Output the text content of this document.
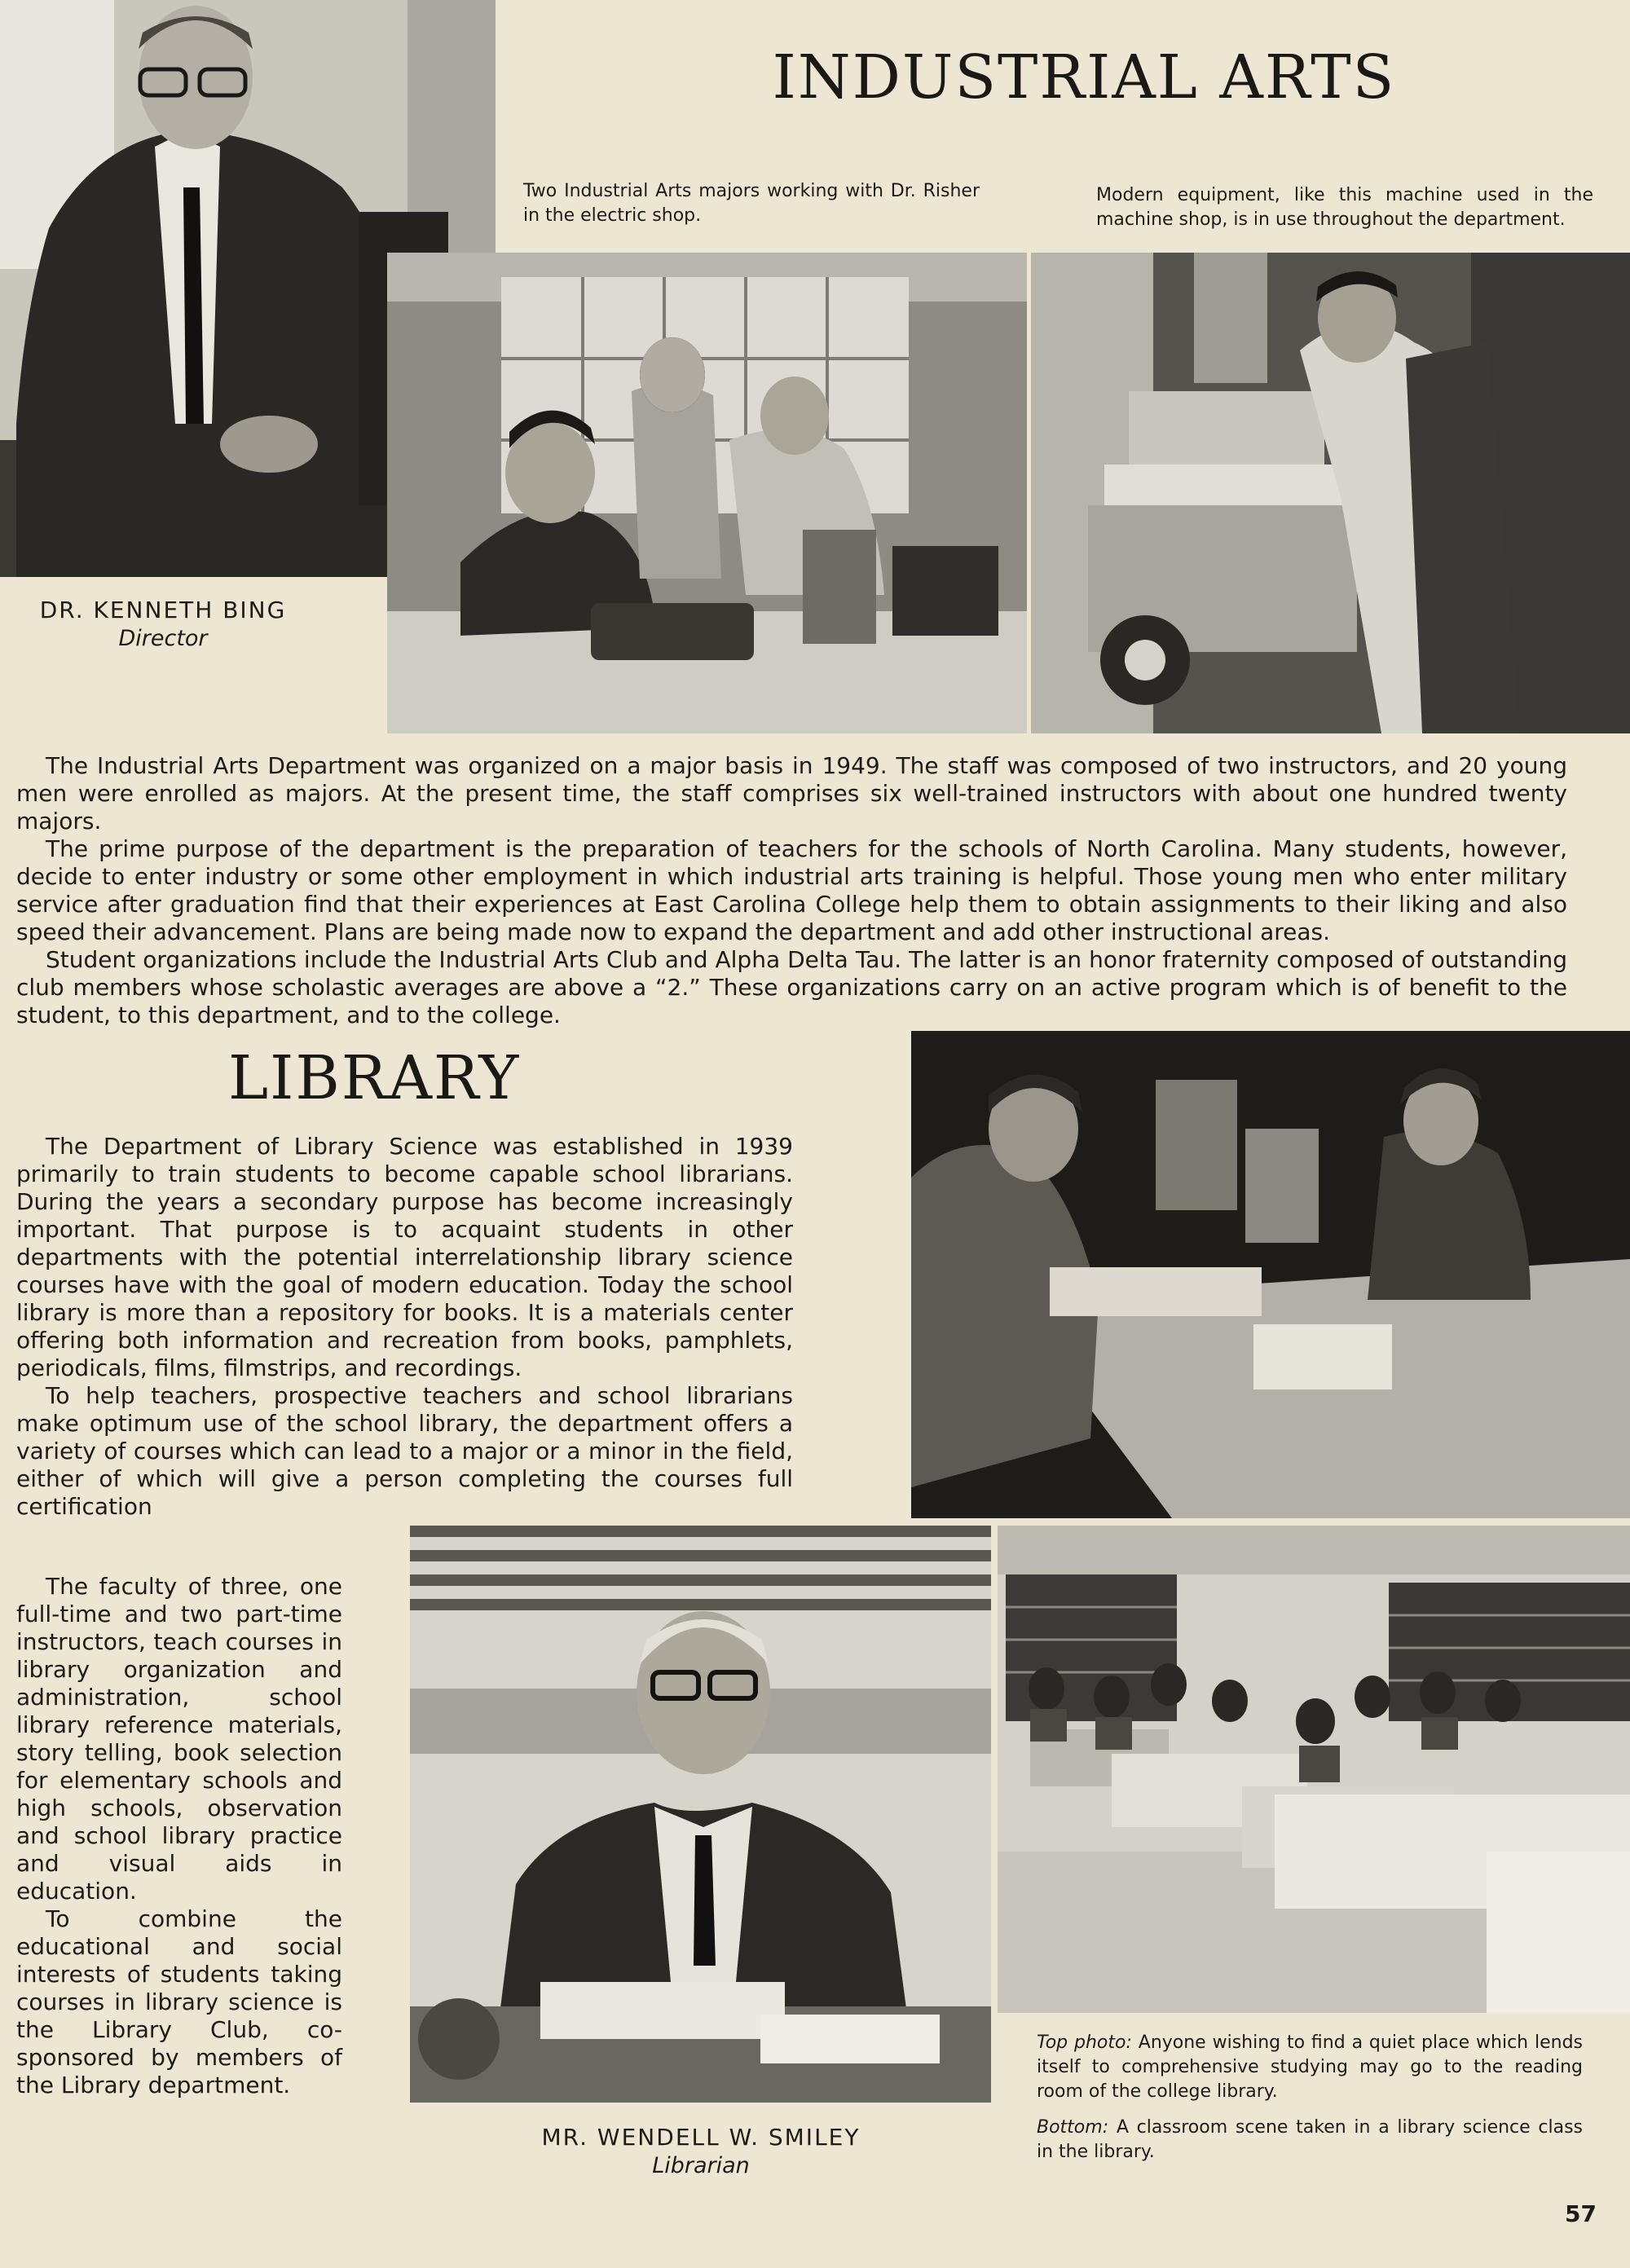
INDUSTRIAL ARTS
Two Industrial Arts majors working with Dr. Risher in the electric shop.
Modern equipment, like this machine used in the machine shop, is in use throughout the department.
DR. KENNETH BING
Director

The Industrial Arts Department was organized on a major basis in 1949. The staff was composed of two instructors, and 20 young men were enrolled as majors. At the present time, the staff comprises six well-trained instructors with about one hundred twenty majors.

The prime purpose of the department is the preparation of teachers for the schools of North Carolina. Many students, however, decide to enter industry or some other employment in which industrial arts training is helpful. Those young men who enter military service after graduation find that their experiences at East Carolina College help them to obtain assignments to their liking and also speed their advancement. Plans are being made now to expand the department and add other instructional areas.

Student organizations include the Industrial Arts Club and Alpha Delta Tau. The latter is an honor fraternity composed of outstanding club members whose scholastic averages are above a “2.” These organizations carry on an active program which is of benefit to the student, to this department, and to the college.

LIBRARY

The Department of Library Science was established in 1939 primarily to train students to become capable school librarians. During the years a secondary purpose has become increasingly important. That purpose is to acquaint students in other departments with the potential interrelationship library science courses have with the goal of modern education. Today the school library is more than a repository for books. It is a materials center offering both information and recreation from books, pamphlets, periodicals, films, filmstrips, and recordings.

To help teachers, prospective teachers and school librarians make optimum use of the school library, the department offers a variety of courses which can lead to a major or a minor in the field, either of which will give a person completing the courses full certification

The faculty of three, one full-time and two part-time instructors, teach courses in library organization and administration, school library reference materials, story telling, book selection for elementary schools and high schools, observation and school library practice and visual aids in education.

To combine the educational and social interests of students taking courses in library science is the Library Club, co-sponsored by members of the Library department.

MR. WENDELL W. SMILEY
Librarian
Top photo: Anyone wishing to find a quiet place which lends itself to comprehensive studying may go to the reading room of the college library.
Bottom: A classroom scene taken in a library science class in the library.
57
